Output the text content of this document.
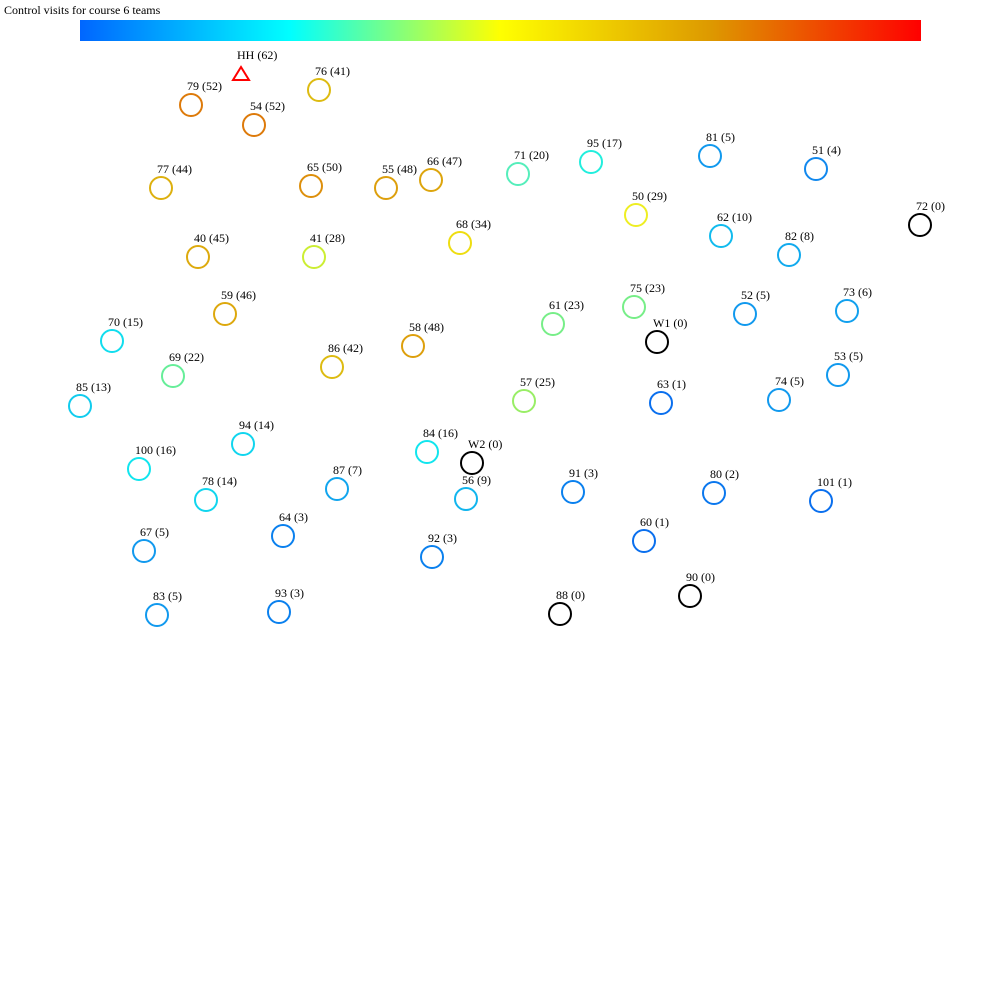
Control visits for course 6 teams
HH (62)
79 (52)
54 (52)
76 (41)
77 (44)	65 (50)	55 (48)
66 (47)	71 (20)
95 (17)	81 (5)
51 (4)
50 (29)
72 (0)
62 (10)
82 (8)
40 (45)	41 (28)
68 (34)
75 (23)
61 (23)
52 (5)	73 (6)
59 (46)
70 (15)	W1 (0)
69 (22)
86 (42)
58 (48)
53 (5)
85 (13)	57 (25)	63 (1)	74 (5)
94 (14)
84 (16)
W2 (0)
100 (16)
87 (7)
56 (9)	91 (3)	80 (2)
101 (1)
78 (14)
64 (3)	60 (1)
67 (5)	92 (3)
90 (0)
83 (5)	93 (3)	88 (0)
